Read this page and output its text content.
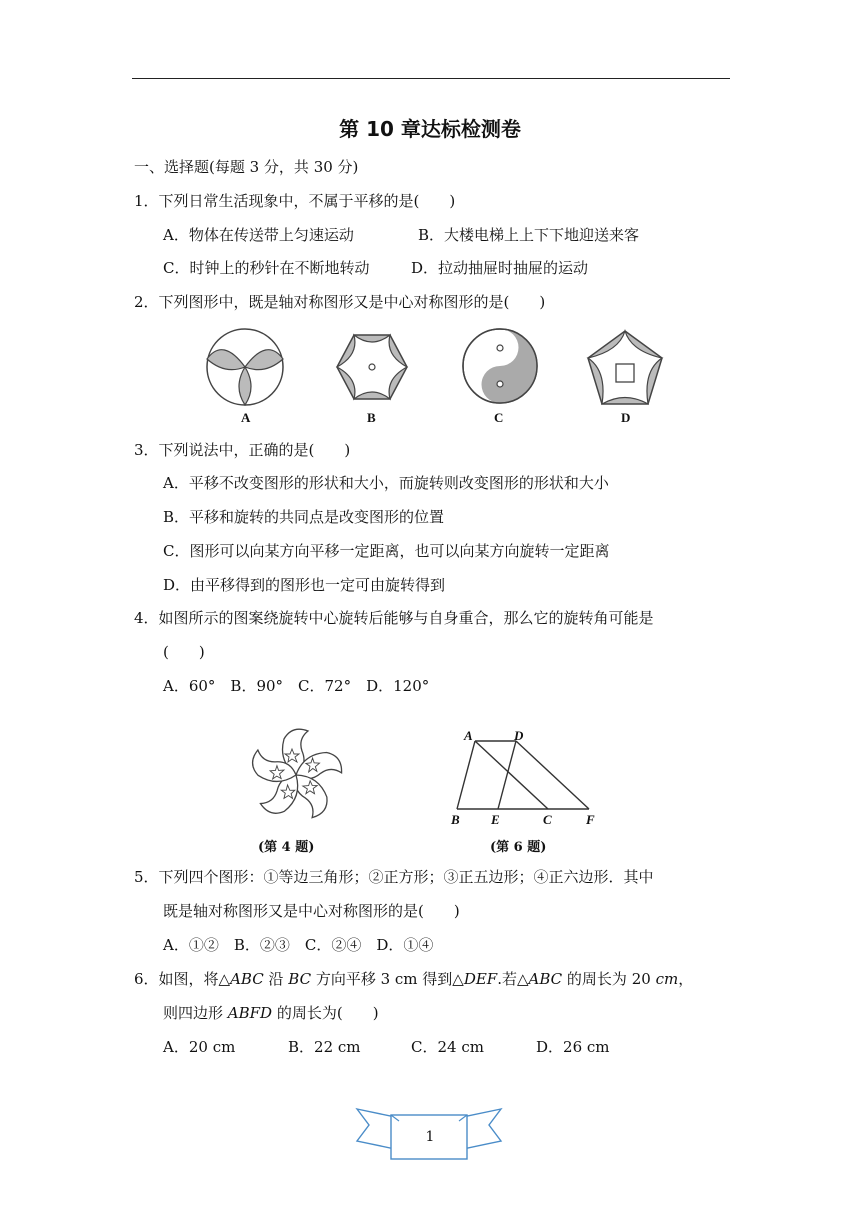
第 10 章达标检测卷
一、选择题(每题 3 分，共 30 分)
1．下列日常生活现象中，不属于平移的是(　　)
A．物体在传送带上匀速运动	B．大楼电梯上上下下地迎送来客
C．时钟上的秒针在不断地转动	D．拉动抽屉时抽屉的运动
2．下列图形中，既是轴对称图形又是中心对称图形的是(　　)
A	B	C	D
3．下列说法中，正确的是(　　)
A．平移不改变图形的形状和大小，而旋转则改变图形的形状和大小
B．平移和旋转的共同点是改变图形的位置
C．图形可以向某方向平移一定距离，也可以向某方向旋转一定距离
D．由平移得到的图形也一定可由旋转得到
4．如图所示的图案绕旋转中心旋转后能够与自身重合，那么它的旋转角可能是
(　　)
A．60°　B．90°　C．72°　D．120°
(第 4 题)
A	D
B E	C	F
(第 6 题)
5．下列四个图形：①等边三角形；②正方形；③正五边形；④正六边形．其中
既是轴对称图形又是中心对称图形的是(　　)
A．①②　B．②③　C．②④　D．①④
6．如图，将△ABC 沿 BC 方向平移 3 cm 得到△DEF.若△ABC 的周长为 20 cm，
则四边形 ABFD 的周长为(　　)
A．20 cm	B．22 cm	C．24 cm	D．26 cm
1
